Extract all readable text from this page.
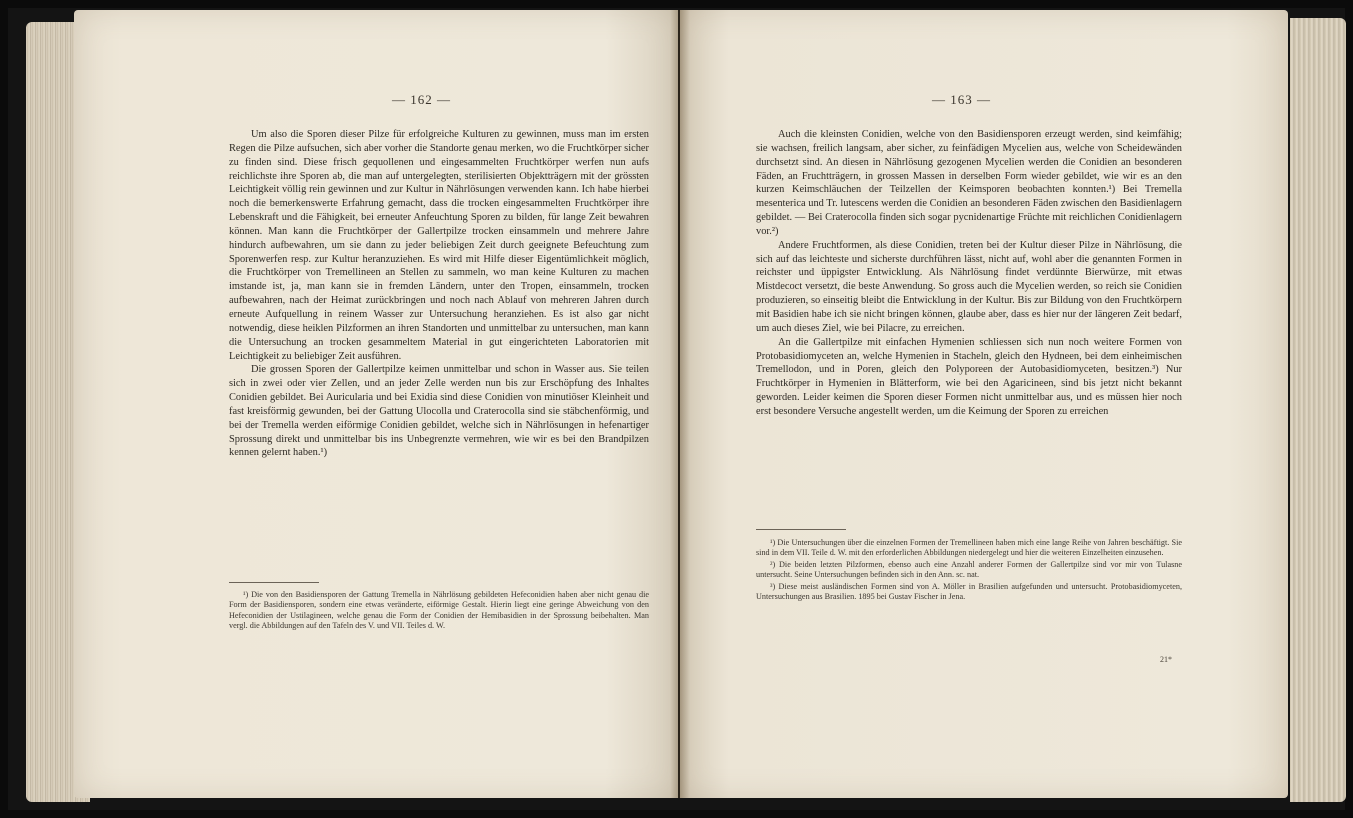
— 162 —

Um also die Sporen dieser Pilze für erfolgreiche Kulturen zu gewinnen, muss man im ersten Regen die Pilze aufsuchen, sich aber vorher die Standorte genau merken, wo die Fruchtkörper sicher zu finden sind. Diese frisch gequollenen und eingesammelten Fruchtkörper werfen nun aufs reichlichste ihre Sporen ab, die man auf untergelegten, sterilisierten Objektträgern mit der grössten Leichtigkeit völlig rein gewinnen und zur Kultur in Nährlösungen verwenden kann. Ich habe hierbei noch die bemerkenswerte Erfahrung gemacht, dass die trocken eingesammelten Fruchtkörper ihre Lebenskraft und die Fähigkeit, bei erneuter Anfeuchtung Sporen zu bilden, für lange Zeit bewahren können. Man kann die Fruchtkörper der Gallertpilze trocken einsammeln und mehrere Jahre hindurch aufbewahren, um sie dann zu jeder beliebigen Zeit durch geeignete Befeuchtung zum Sporenwerfen resp. zur Kultur heranzuziehen. Es wird mit Hilfe dieser Eigentümlichkeit möglich, die Fruchtkörper von Tremellineen an Stellen zu sammeln, wo man keine Kulturen zu machen imstande ist, ja, man kann sie in fremden Ländern, unter den Tropen, einsammeln, trocken aufbewahren, nach der Heimat zurückbringen und noch nach Ablauf von mehreren Jahren durch erneute Aufquellung in reinem Wasser zur Untersuchung heranziehen. Es ist also gar nicht notwendig, diese heiklen Pilzformen an ihren Standorten und unmittelbar zu untersuchen, man kann die Untersuchung an trocken gesammeltem Material in gut eingerichteten Laboratorien mit Leichtigkeit zu beliebiger Zeit ausführen.

Die grossen Sporen der Gallertpilze keimen unmittelbar und schon in Wasser aus. Sie teilen sich in zwei oder vier Zellen, und an jeder Zelle werden nun bis zur Erschöpfung des Inhaltes Conidien gebildet. Bei Auricularia und bei Exidia sind diese Conidien von minutiöser Kleinheit und fast kreisförmig gewunden, bei der Gattung Ulocolla und Craterocolla sind sie stäbchenförmig, und bei der Tremella werden eiförmige Conidien gebildet, welche sich in Nährlösungen in hefenartiger Sprossung direkt und unmittelbar bis ins Unbegrenzte vermehren, wie wir es bei den Brandpilzen kennen gelernt haben.¹)

¹) Die von den Basidiensporen der Gattung Tremella in Nährlösung gebildeten Hefeconidien haben aber nicht genau die Form der Basidiensporen, sondern eine etwas veränderte, eiförmige Gestalt. Hierin liegt eine geringe Abweichung von den Hefeconidien der Ustilagineen, welche genau die Form der Conidien der Hemibasidien in der Sprossung beibehalten. Man vergl. die Abbildungen auf den Tafeln des V. und VII. Teiles d. W.

— 163 —

Auch die kleinsten Conidien, welche von den Basidiensporen erzeugt werden, sind keimfähig; sie wachsen, freilich langsam, aber sicher, zu feinfädigen Mycelien aus, welche von Scheidewänden durchsetzt sind. An diesen in Nährlösung gezogenen Mycelien werden die Conidien an besonderen Fäden, an Fruchtträgern, in grossen Massen in derselben Form wieder gebildet, wie wir es an den kurzen Keimschläuchen der Teilzellen der Keimsporen beobachten konnten.¹) Bei Tremella mesenterica und Tr. lutescens werden die Conidien an besonderen Fäden zwischen den Basidienlagern gebildet. — Bei Craterocolla finden sich sogar pycnidenartige Früchte mit reichlichen Conidienlagern vor.²)

Andere Fruchtformen, als diese Conidien, treten bei der Kultur dieser Pilze in Nährlösung, die sich auf das leichteste und sicherste durchführen lässt, nicht auf, wohl aber die genannten Formen in reichster und üppigster Entwicklung. Als Nährlösung findet verdünnte Bierwürze, mit etwas Mistdecoct versetzt, die beste Anwendung. So gross auch die Mycelien werden, so reich sie Conidien produzieren, so einseitig bleibt die Entwicklung in der Kultur. Bis zur Bildung von den Fruchtkörpern mit Basidien habe ich sie nicht bringen können, glaube aber, dass es hier nur der längeren Zeit bedarf, um auch dieses Ziel, wie bei Pilacre, zu erreichen.

An die Gallertpilze mit einfachen Hymenien schliessen sich nun noch weitere Formen von Protobasidiomyceten an, welche Hymenien in Stacheln, gleich den Hydneen, bei dem einheimischen Tremellodon, und in Poren, gleich den Polyporeen der Autobasidiomyceten, besitzen.³) Nur Fruchtkörper in Hymenien in Blätterform, wie bei den Agaricineen, sind bis jetzt nicht bekannt geworden. Leider keimen die Sporen dieser Formen nicht unmittelbar aus, und es müssen hier noch erst besondere Versuche angestellt werden, um die Keimung der Sporen zu erreichen

¹) Die Untersuchungen über die einzelnen Formen der Tremellineen haben mich eine lange Reihe von Jahren beschäftigt. Sie sind in dem VII. Teile d. W. mit den erforderlichen Abbildungen niedergelegt und hier die weiteren Einzelheiten einzusehen.

²) Die beiden letzten Pilzformen, ebenso auch eine Anzahl anderer Formen der Gallertpilze sind vor mir von Tulasne untersucht. Seine Untersuchungen befinden sich in den Ann. sc. nat.

³) Diese meist ausländischen Formen sind von A. Möller in Brasilien aufgefunden und untersucht. Protobasidiomyceten, Untersuchungen aus Brasilien. 1895 bei Gustav Fischer in Jena.

21*
